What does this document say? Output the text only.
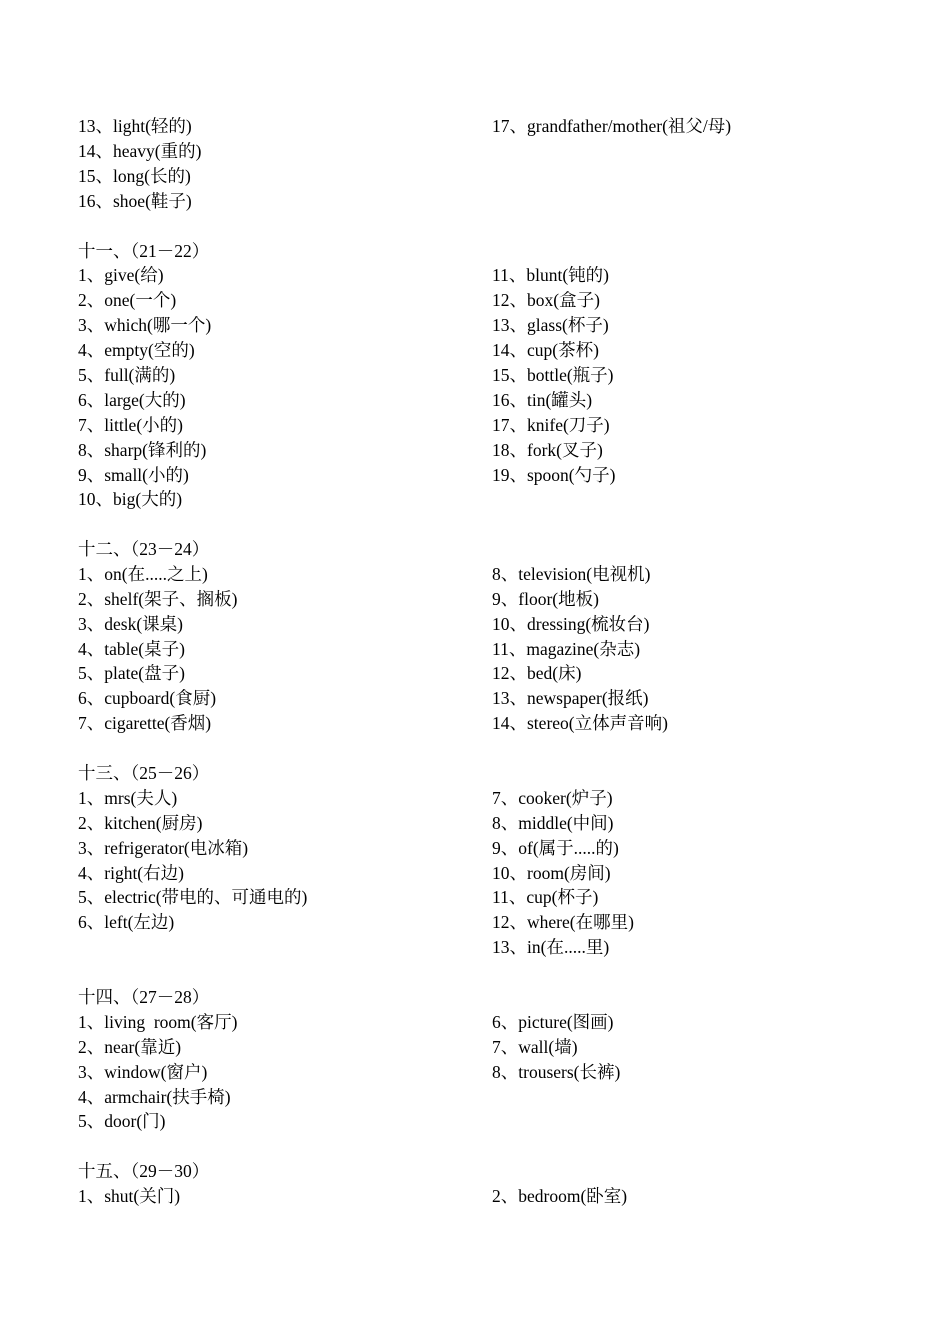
13、light(轻的)	17、grandfather/mother(祖父/母)
14、heavy(重的)
15、long(长的)
16、shoe(鞋子)
十一、（21－22）
1、give(给)	11、blunt(钝的)
2、one(一个)	12、box(盒子)
3、which(哪一个)	13、glass(杯子)
4、empty(空的)	14、cup(茶杯)
5、full(满的)	15、bottle(瓶子)
6、large(大的)	16、tin(罐头)
7、little(小的)	17、knife(刀子)
8、sharp(锋利的)	18、fork(叉子)
9、small(小的)	19、spoon(勺子)
10、big(大的)
十二、（23－24）
1、on(在.....之上)	8、television(电视机)
2、shelf(架子、搁板)	9、floor(地板)
3、desk(课桌)	10、dressing(梳妆台)
4、table(桌子)	11、magazine(杂志)
5、plate(盘子)	12、bed(床)
6、cupboard(食厨)	13、newspaper(报纸)
7、cigarette(香烟)	14、stereo(立体声音响)
十三、（25－26）
1、mrs(夫人)	7、cooker(炉子)
2、kitchen(厨房)	8、middle(中间)
3、refrigerator(电冰箱)	9、of(属于.....的)
4、right(右边)	10、room(房间)
5、electric(带电的、可通电的)	11、cup(杯子)
6、left(左边)	12、where(在哪里)
13、in(在.....里)
十四、（27－28）
1、living  room(客厅)	6、picture(图画)
2、near(靠近)	7、wall(墙)
3、window(窗户)	8、trousers(长裤)
4、armchair(扶手椅)
5、door(门)
十五、（29－30）
1、shut(关门)	2、bedroom(卧室)
